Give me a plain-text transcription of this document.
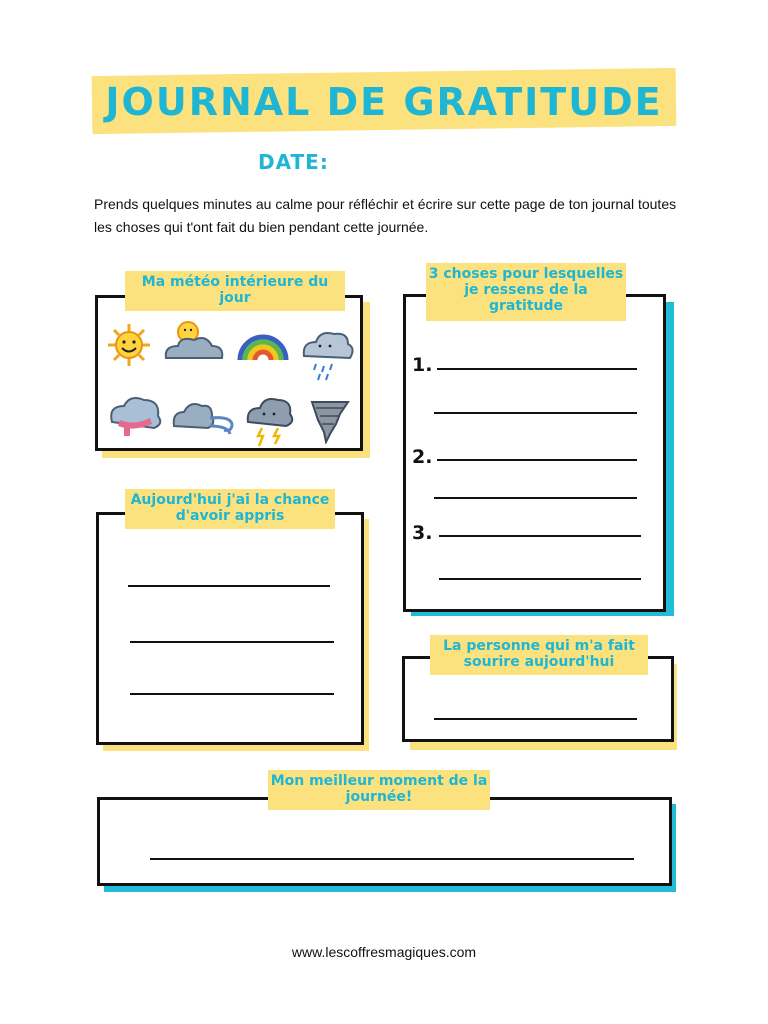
JOURNAL DE GRATITUDE
DATE:
Prends quelques minutes au calme pour réfléchir et écrire sur cette page de ton journal toutes les choses qui t'ont fait du bien pendant cette journée.
Ma météo intérieure du jour
3 choses pour lesquelles je ressens de la gratitude
1.
2.
3.
Aujourd'hui j'ai la chance d'avoir appris
La personne qui m'a fait sourire aujourd'hui
Mon meilleur moment de la journée!
www.lescoffresmagiques.com
